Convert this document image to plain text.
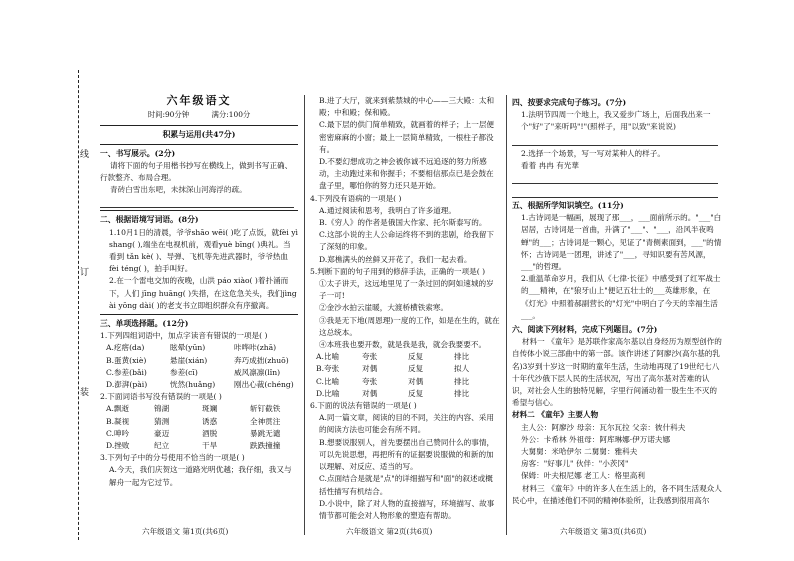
线
订
装
六年级语文
时间:90分钟	满分:100分
积累与运用(共47分)
一、书写展示。(2分)
请将下面的句子用楷书抄写在横线上，做到书写正确、行款整齐、布局合理。
青砖白雪出东吧，未抹深山河海浮的疏。
二、根据语境写词语。(8分)
1.10月1日的清晨，爷爷shāo wēi( )吃了点饭，就fèi yì shang( ),端坐在电视机前，观看yuè bīng( )典礼。当看到 tǎn kè( )、导弹、飞机等先进武器时，爷爷热血 fèi téng( )，拍手叫好。
2.在一个雷电交加的夜晚，山洪 páo xiào( )着扑涌而下，人们 jīng huāng( )失措，在这危急关头，我们jìng ài yōng dài( )的老支书立即组织群众有序撤离。
三、单项选择题。(12分)
1.下列四组词语中，加点字读音有错误的一项是( )
A.疙瘩(da)	眩晕(yūn)	咔哗咔(zhā)
B.蛋黄(xiè)	悬崖(xián)	奔巧成拙(zhuō)
C.参差(bǎi)	参差(cī)	威风凛凛(lǐn)
D.澎湃(pài)	恍然(huǎng)	刚出心裁(chéng)
2.下面词语书写没有错误的一项是( )
A.飘逝	锦湖	斑斓	斩钉截铁
B.凝视	猜测	诱惑	全神贯注
C.呻吟	豪迈	酒脱	暴跳无谴
D.挫败	纪立	干旱	跌跌撞撞
3.下列句子中的分号使用不恰当的一项是( )
A.今天，我们庆贺这一道路光明优越；我仔细，我又与解舟一起为它过节。
B.进了大厅，就来到紫禁城的中心——三大殿：太和殿；中和殿；保和殿。
C.最下层的供门简单精致，就画着的样子；上一层便密密麻麻的小窗；最上一层简单精致，一根柱子都没有。
D.不要幻想成功之神会被你诚不远追逐的努力所感动，主动跑过来和你握手；不要相信那点已是会鼓在盘子里，哪怕你的努力还只是开始。
4.下列没有语病的一项是( )
A.通过阅读和思考，我明白了许多道理。
B.《穷人》的作者是俄国大作家、托尔斯泰写的。
C.这部小说的主人公命运终将不到的悲剧，给我留下了深刻的印象。
D.郑樵满头的丝鲜又开花了，我们一起去看。
5.判断下面的句子用到的修辞手法，正确的一项是( )
①太子讲天，这远地里见了一条过回的阿如速城的岁子一可!
②金沙水拍云崖暖，大渡桥横铁索寒。
③我是无下地(周恩理)一度的工作，如是在生的，就在这总统本。
④本班我也要开数，就是我是我，就会我要要不。
A.比喻	夸张	反复	排比
B.夸张	对偶	反复	拟人
C.比喻	夸张	对偶	排比
D.比喻	对偶	反复	排比
6.下面的说法有错误的一项是( )
A.同一篇文章，阅读的目的不同，关注的内容、采用的阅读方法也可能会有所不同。
B.想要说服别人，首先要摆出自己赞同什么的事情，可以先说思想，再把所有的证据要说服做的和新的加以理解、对反应、适当的写。
C.点面结合是就是"点"的详细描写和"面"的叙述或概括性描写有机结合。
D.小说中，除了对人物的直接描写，环境描写、故事情节都可能会对人物形象的塑造有帮助。
四、按要求完成句子练习。(7分)
1.法明节四周一个地上，我又爱步广场上，后面我出来一个"好"了"来听吗"!"(照样子，用"以致"来说说)
2.选择一个场景，写一写对某种人的样子。
看着 冉冉 有光華
五、根据所学知识填空。(11分)
1.古诗词是一幅画，展现了那___，___面前所示的。"___"白居居，古诗词是一首曲，升满了"___"、"___，沿风半夜鸣蝉"的___；古诗词是一颗心，见证了"青侧素面到，___"的情怀；古诗词是一团理，讲述了"___，寻知识要有苦风源，___"的哲理。
2.重温革命岁月，我们从《七律·长征》中感受到了红军战士的___精神，在"狼牙山上"便记五壮士的___英雄形象，在《灯光》中照着郝副营长的"灯光"中明白了今天的幸福生活___。
六、阅读下列材料，完成下列题目。(7分)
材料一 《童年》是苏联作家高尔基以自身经历为原型创作的自传体小说三部曲中的第一部。该作讲述了阿廖沙(高尔基的乳名)3岁到十岁这一时期的童年生活，生动地再现了19世纪七八十年代沙俄下层人民的生活状况，写出了高尔基对苦难的认识，对社会人生的独特见解，字里行间涌动着一股生生不灭的希望与信心。
材料二 《童年》主要人物
主人公：阿廖沙 母亲：瓦尔瓦拉 父亲：彼什科夫
外公：卡希林 外祖母：阿库琳娜·伊万诺夫娜
大舅舅：米哈伊尔 二舅舅：雅科夫
房客："好事儿" 伙伴："小茨冈"
保姆：叶夫根尼娜 老工人：格里高利
材料三 《童年》中的许多人在生活上的，各不同生活观众人民心中，在描述他们不同的精神体验所，让我感到很用高尔
六年级语文 第1页(共6页)	六年级语文 第2页(共6页)	六年级语文 第3页(共6页)
